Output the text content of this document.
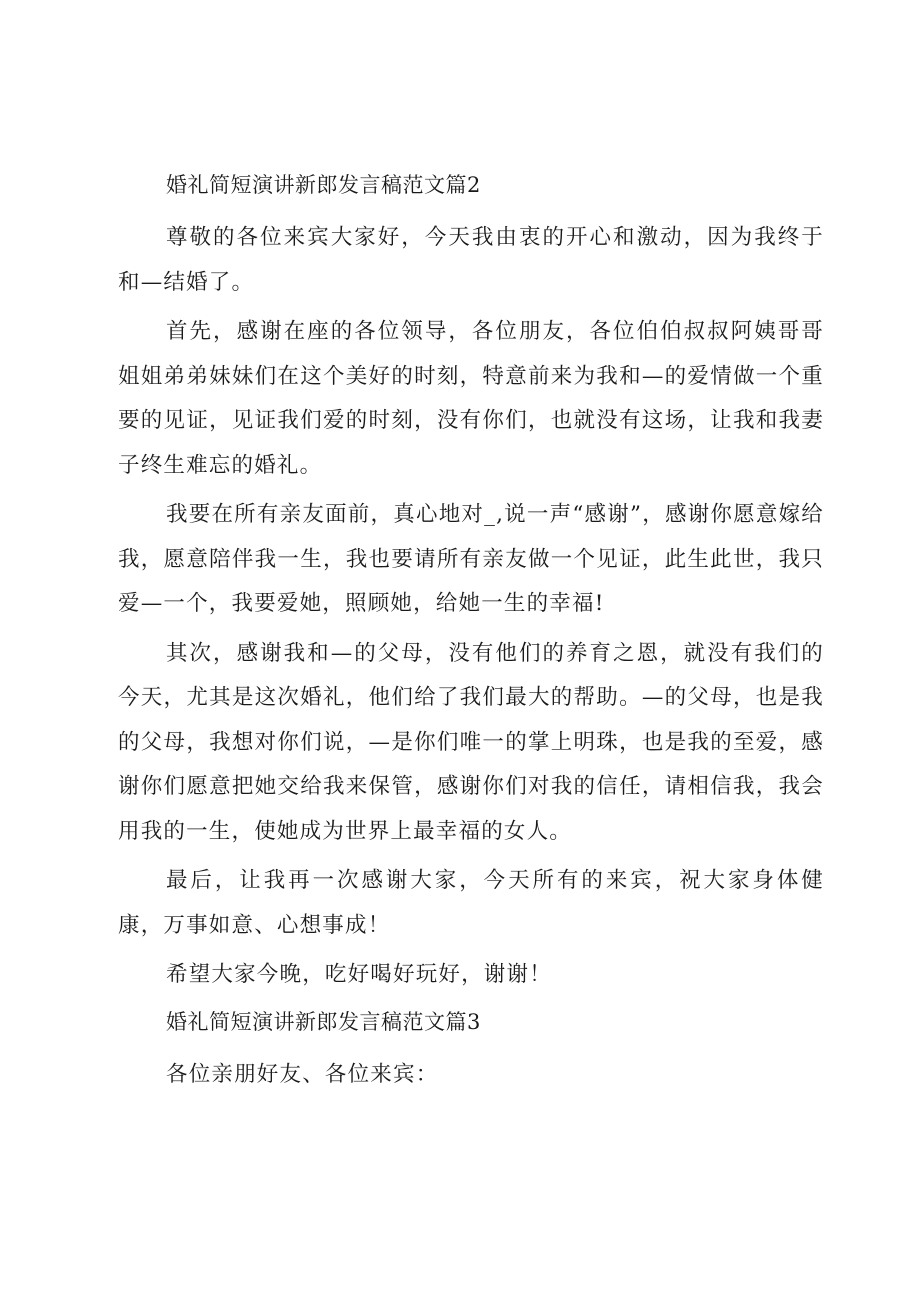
婚礼简短演讲新郎发言稿范文篇2

尊敬的各位来宾大家好，今天我由衷的开心和激动，因为我终于和—结婚了。

首先，感谢在座的各位领导，各位朋友，各位伯伯叔叔阿姨哥哥姐姐弟弟妹妹们在这个美好的时刻，特意前来为我和—的爱情做一个重要的见证，见证我们爱的时刻，没有你们，也就没有这场，让我和我妻子终生难忘的婚礼。

我要在所有亲友面前，真心地对_,说一声“感谢”，感谢你愿意嫁给我，愿意陪伴我一生，我也要请所有亲友做一个见证，此生此世，我只爱—一个，我要爱她，照顾她，给她一生的幸福!

其次，感谢我和—的父母，没有他们的养育之恩，就没有我们的今天，尤其是这次婚礼，他们给了我们最大的帮助。—的父母，也是我的父母，我想对你们说，—是你们唯一的掌上明珠，也是我的至爱，感谢你们愿意把她交给我来保管，感谢你们对我的信任，请相信我，我会用我的一生，使她成为世界上最幸福的女人。

最后，让我再一次感谢大家，今天所有的来宾，祝大家身体健康，万事如意、心想事成！

希望大家今晚，吃好喝好玩好，谢谢！

婚礼简短演讲新郎发言稿范文篇3

各位亲朋好友、各位来宾：
